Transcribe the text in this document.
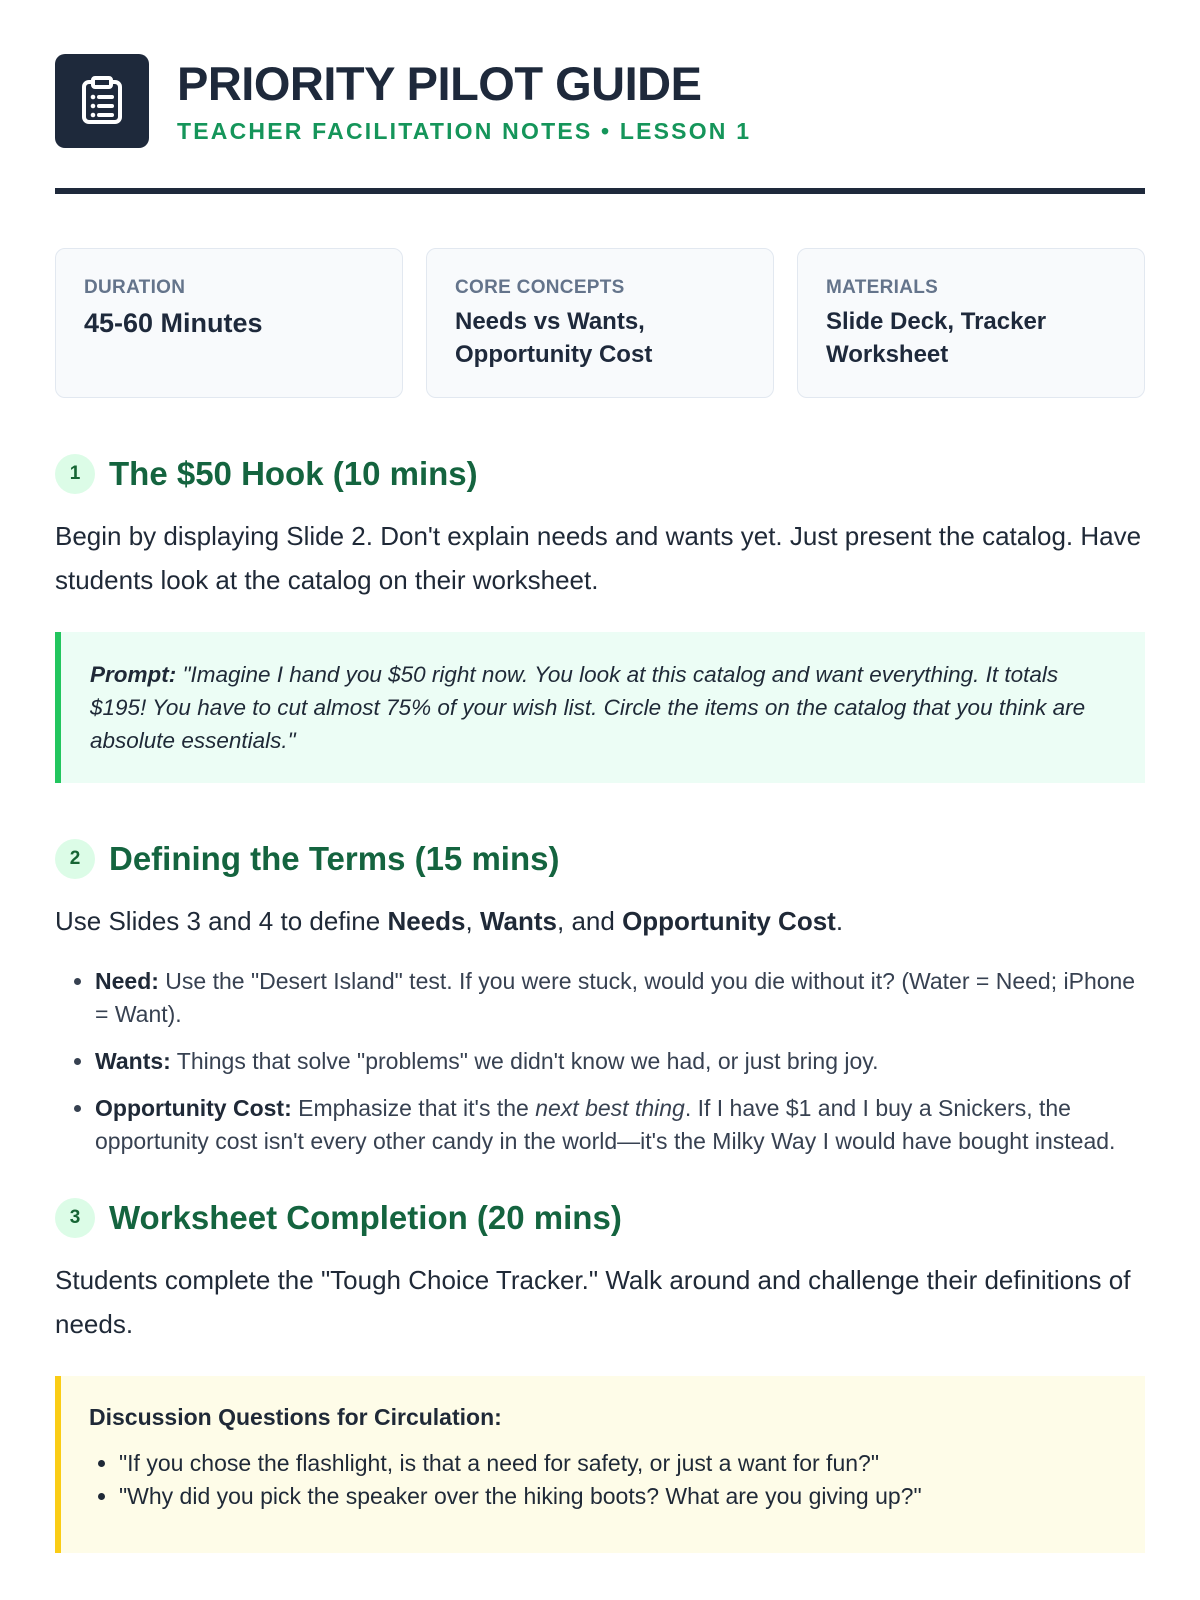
PRIORITY PILOT GUIDE
TEACHER FACILITATION NOTES • LESSON 1
DURATION
45-60 Minutes
CORE CONCEPTS
Needs vs Wants,
Opportunity Cost
MATERIALS
Slide Deck, Tracker
Worksheet
1 The $50 Hook (10 mins)
Begin by displaying Slide 2. Don't explain needs and wants yet. Just present the catalog. Have students look at the catalog on their worksheet.
Prompt: "Imagine I hand you $50 right now. You look at this catalog and want everything. It totals $195! You have to cut almost 75% of your wish list. Circle the items on the catalog that you think are absolute essentials."
2 Defining the Terms (15 mins)
Use Slides 3 and 4 to define Needs, Wants, and Opportunity Cost.
• Need: Use the "Desert Island" test. If you were stuck, would you die without it? (Water = Need; iPhone = Want).
• Wants: Things that solve "problems" we didn't know we had, or just bring joy.
• Opportunity Cost: Emphasize that it's the next best thing. If I have $1 and I buy a Snickers, the opportunity cost isn't every other candy in the world—it's the Milky Way I would have bought instead.
3 Worksheet Completion (20 mins)
Students complete the "Tough Choice Tracker." Walk around and challenge their definitions of needs.
Discussion Questions for Circulation:
• "If you chose the flashlight, is that a need for safety, or just a want for fun?"
• "Why did you pick the speaker over the hiking boots? What are you giving up?"
